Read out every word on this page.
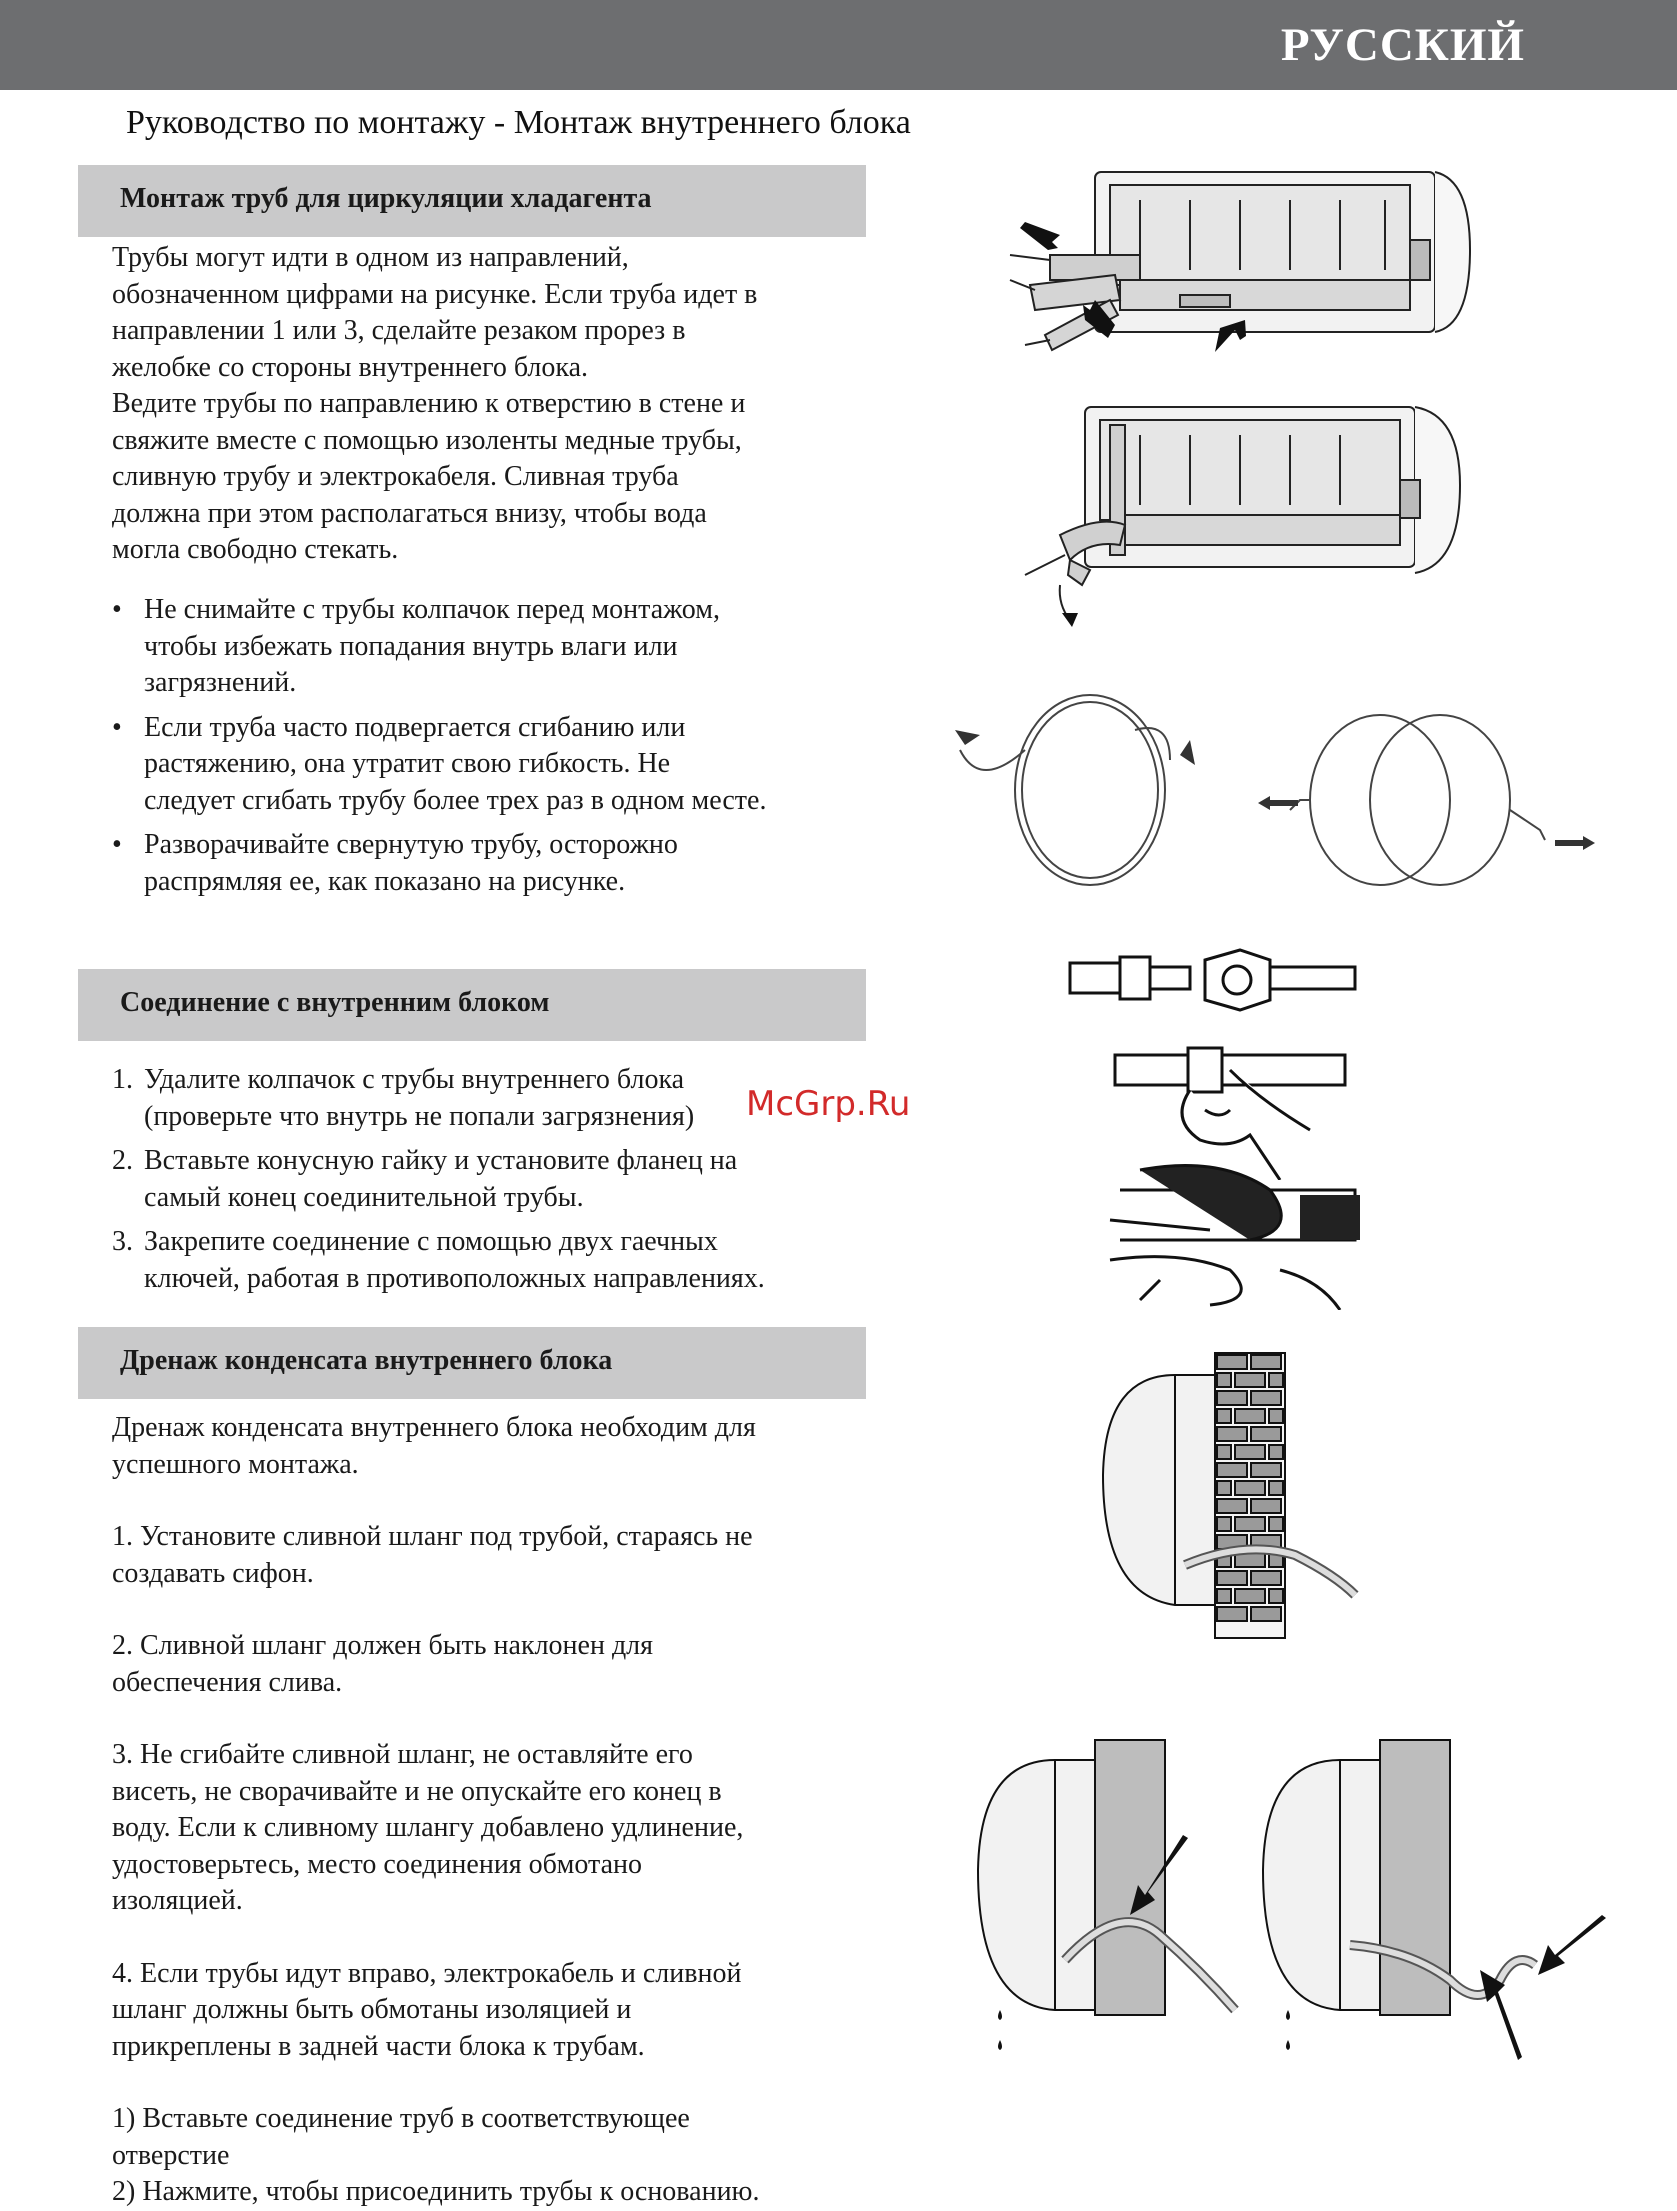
РУССКИЙ
Руководство по монтажу - Монтаж внутреннего блока
Монтаж труб для циркуляции хладагента
Трубы могут идти в одном из направлений,
обозначенном цифрами на рисунке. Если труба идет в
направлении 1 или 3, сделайте резаком прорез в
желобке со стороны внутреннего блока.
Ведите трубы по направлению к отверстию в стене и
свяжите вместе с помощью изоленты медные трубы,
сливную трубу и электрокабеля. Сливная труба
должна при этом располагаться внизу, чтобы вода
могла свободно стекать.
• Не снимайте с трубы колпачок перед монтажом,
чтобы избежать попадания внутрь влаги или
загрязнений.
• Если труба часто подвергается сгибанию или
растяжению, она утратит свою гибкость. Не
следует сгибать трубу более трех раз в одном месте.
• Разворачивайте свернутую трубу, осторожно
распрямляя ее, как показано на рисунке.
Соединение с внутренним блоком
1. Удалите колпачок с трубы внутреннего блока
(проверьте что внутрь не попали загрязнения)
2. Вставьте конусную гайку и установите фланец на
самый конец соединительной трубы.
3. Закрепите соединение с помощью двух гаечных
ключей, работая в противоположных направлениях.
McGrp.Ru
Дренаж конденсата внутреннего блока
Дренаж конденсата внутреннего блока необходим для
успешного монтажа.
1. Установите сливной шланг под трубой, стараясь не
создавать сифон.
2. Сливной шланг должен быть наклонен для
обеспечения слива.
3. Не сгибайте сливной шланг, не оставляйте его
висеть, не сворачивайте и не опускайте его конец в
воду. Если к сливному шлангу добавлено удлинение,
удостоверьтесь, место соединения обмотано
изоляцией.
4. Если трубы идут вправо, электрокабель и сливной
шланг должны быть обмотаны изоляцией и
прикреплены в задней части блока к трубам.
1) Вставьте соединение труб в соответствующее
отверстие
2) Нажмите, чтобы присоединить трубы к основанию.
